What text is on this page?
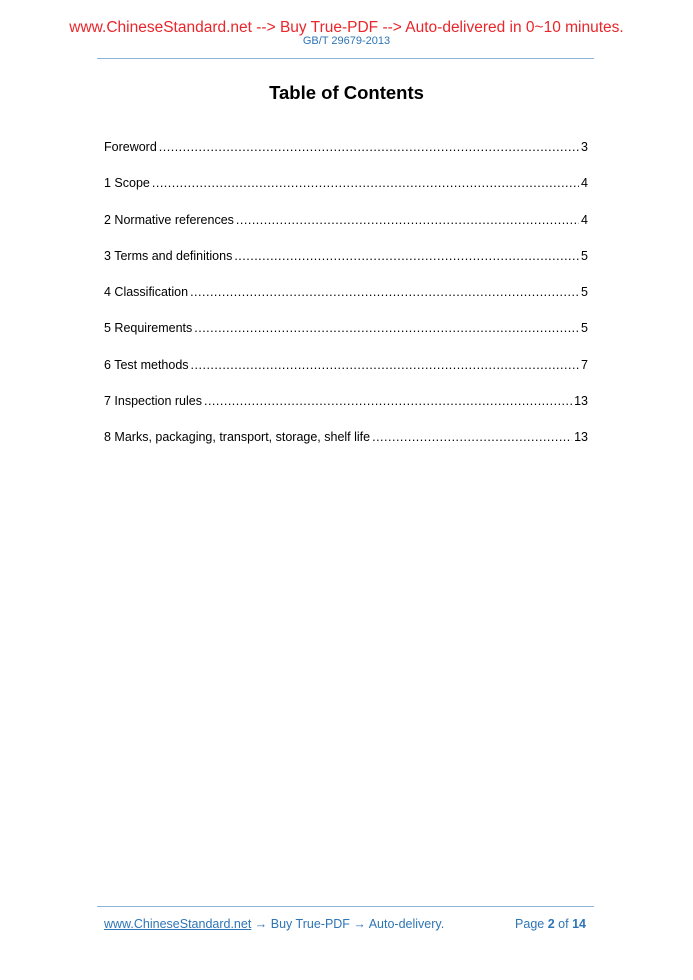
www.ChineseStandard.net --> Buy True-PDF --> Auto-delivered in 0~10 minutes.
GB/T 29679-2013
Table of Contents
Foreword .....	3
1 Scope .....	4
2 Normative references .....	4
3 Terms and definitions .....	5
4 Classification .....	5
5 Requirements .....	5
6 Test methods .....	7
7 Inspection rules .....	13
8 Marks, packaging, transport, storage, shelf life .....	13
www.ChineseStandard.net → Buy True-PDF → Auto-delivery.	Page 2 of 14
